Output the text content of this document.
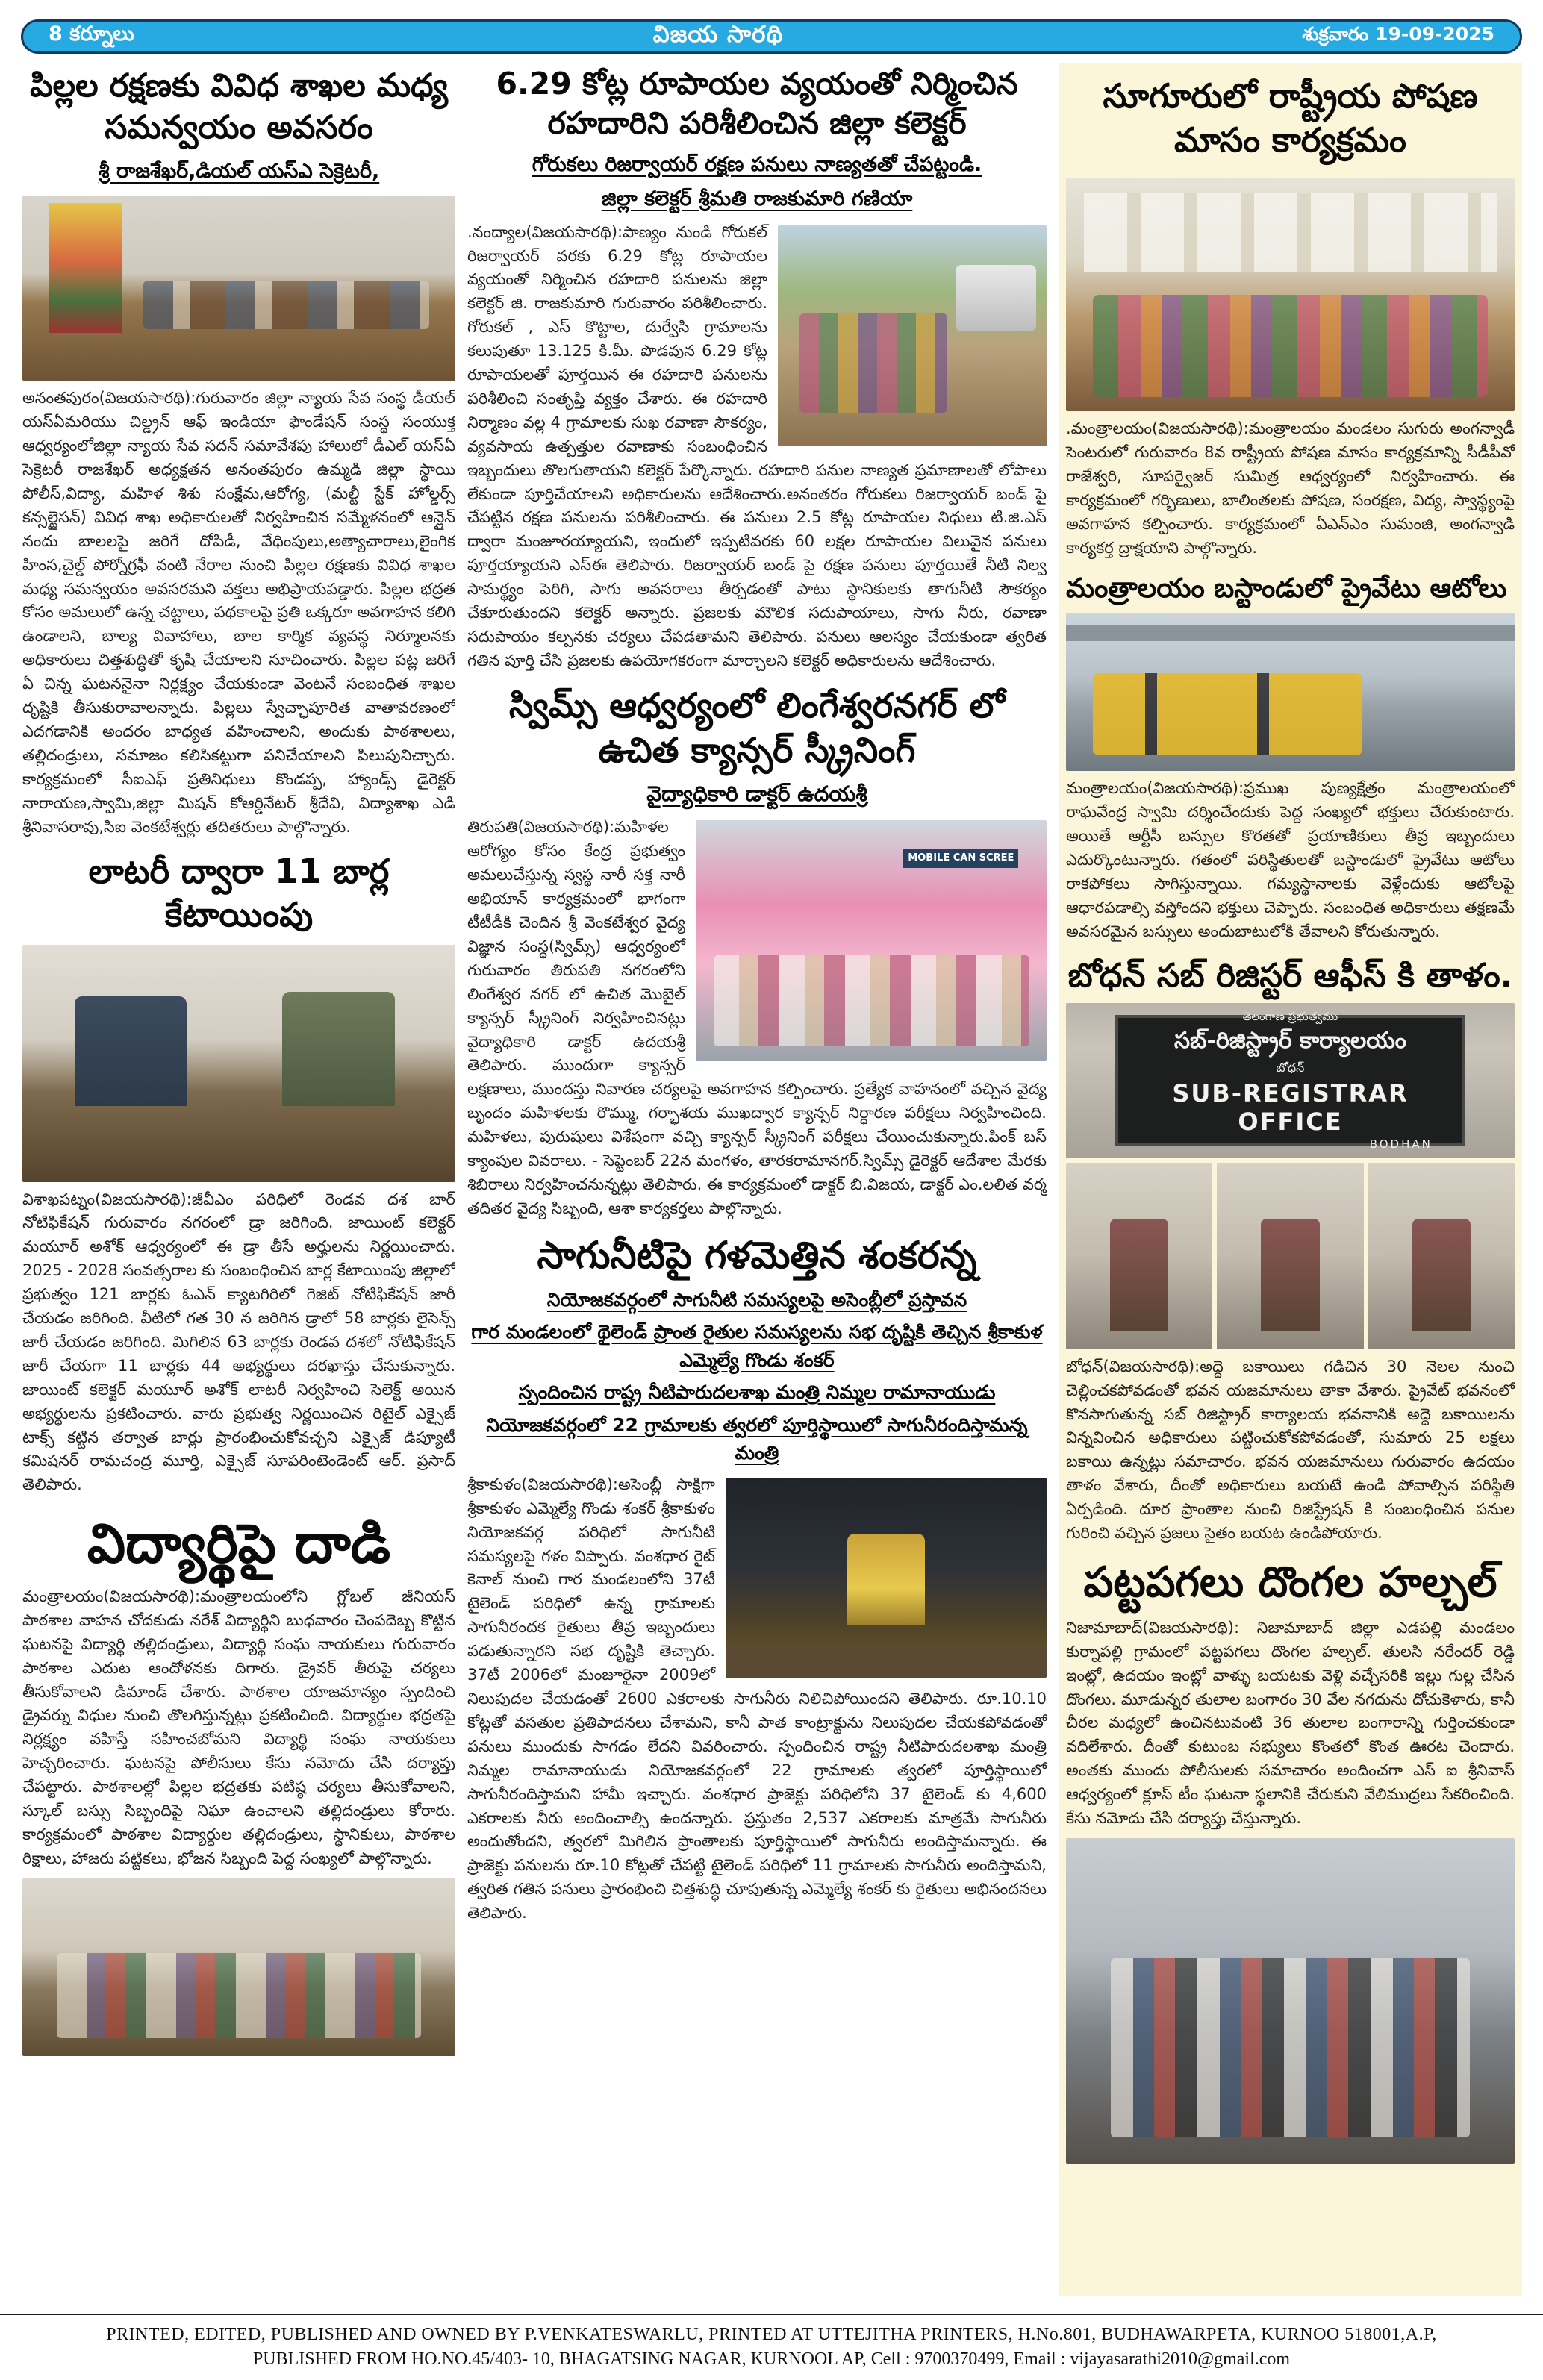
8 కర్నూలు	విజయ సారథి	శుక్రవారం 19-09-2025
పిల్లల రక్షణకు వివిధ శాఖల మధ్య సమన్వయం అవసరం
శ్రీ రాజశేఖర్,డియల్ యస్ఎ సెక్రెటరీ,
అనంతపురం(విజయసారథి):గురువారం జిల్లా న్యాయ సేవ సంస్థ డీయల్ యస్ఏమరియు చిల్డ్రన్ ఆఫ్ ఇండియా ఫౌండేషన్ సంస్థ సంయుక్త ఆధ్వర్యంలోజిల్లా న్యాయ సేవ సదన్ సమావేశపు హాలులో డీఎల్ యస్ఏ సెక్రెటరీ రాజశేఖర్ అధ్యక్షతన అనంతపురం ఉమ్మడి జిల్లా స్థాయి పోలీస్,విద్యా, మహిళ శిశు సంక్షేమ,ఆరోగ్య, (మల్టీ స్టేక్ హోల్డర్స్ కన్సల్టైసన్) వివిధ శాఖ అధికారులతో నిర్వహించిన సమ్మేళనంలో ఆన్లైన్ నందు బాలలపై జరిగే దోపిడీ, వేధింపులు,అత్యాచారాలు,లైంగిక హింస,చైల్డ్ పోర్నోగ్రఫీ వంటి నేరాల నుంచి పిల్లల రక్షణకు వివిధ శాఖల మధ్య సమన్వయం అవసరమని వక్తలు అభిప్రాయపడ్డారు. పిల్లల భద్రత కోసం అమలులో ఉన్న చట్టాలు, పథకాలపై ప్రతి ఒక్కరూ అవగాహన కలిగి ఉండాలని, బాల్య వివాహాలు, బాల కార్మిక వ్యవస్థ నిర్మూలనకు అధికారులు చిత్తశుద్ధితో కృషి చేయాలని సూచించారు. పిల్లల పట్ల జరిగే ఏ చిన్న ఘటననైనా నిర్లక్ష్యం చేయకుండా వెంటనే సంబంధిత శాఖల దృష్టికి తీసుకురావాలన్నారు. పిల్లలు స్వేచ్ఛాపూరిత వాతావరణంలో ఎదగడానికి అందరం బాధ్యత వహించాలని, అందుకు పాఠశాలలు, తల్లిదండ్రులు, సమాజం కలిసికట్టుగా పనిచేయాలని పిలుపునిచ్చారు. కార్యక్రమంలో సీఐఎఫ్ ప్రతినిధులు కొండప్ప, హ్యాండ్స్ డైరెక్టర్ నారాయణ,స్వామి,జిల్లా మిషన్ కోఆర్డినేటర్ శ్రీదేవి, విద్యాశాఖ ఎడి శ్రీనివాసరావు,సిఐ వెంకటేశ్వర్లు తదితరులు పాల్గొన్నారు.
లాటరీ ద్వారా 11 బార్ల కేటాయింపు
విశాఖపట్నం(విజయసారథి):జీవీఎం పరిధిలో రెండవ దశ బార్ నోటిఫికేషన్ గురువారం నగరంలో డ్రా జరిగింది. జాయింట్ కలెక్టర్ మయూర్ అశోక్ ఆధ్వర్యంలో ఈ డ్రా తీసే అర్హులను నిర్ణయించారు. 2025 - 2028 సంవత్సరాల కు సంబంధించిన బార్ల కేటాయింపు జిల్లాలో ప్రభుత్వం 121 బార్లకు ఓఎన్ క్యాటగిరిలో గెజిట్ నోటిఫికేషన్ జారీ చేయడం జరిగింది. వీటిలో గత 30 న జరిగిన డ్రాలో 58 బార్లకు లైసెన్స్ జారీ చేయడం జరిగింది. మిగిలిన 63 బార్లకు రెండవ దశలో నోటిఫికేషన్ జారీ చేయగా 11 బార్లకు 44 అభ్యర్థులు దరఖాస్తు చేసుకున్నారు. జాయింట్ కలెక్టర్ మయూర్ అశోక్ లాటరీ నిర్వహించి సెలెక్ట్ అయిన అభ్యర్థులను ప్రకటించారు. వారు ప్రభుత్వ నిర్ణయించిన రిటైల్ ఎక్సైజ్ టాక్స్ కట్టిన తర్వాత బార్లు ప్రారంభించుకోవచ్చని ఎక్సైజ్ డిప్యూటీ కమిషనర్ రామచంద్ర మూర్తి, ఎక్సైజ్ సూపరింటెండెంట్ ఆర్. ప్రసాద్ తెలిపారు.
విద్యార్థిపై దాడి
మంత్రాలయం(విజయసారథి):మంత్రాలయంలోని గ్లోబల్ జీనియస్ పాఠశాల వాహన చోదకుడు నరేశ్ విద్యార్థిని బుధవారం చెంపదెబ్బ కొట్టిన ఘటనపై విద్యార్థి తల్లిదండ్రులు, విద్యార్థి సంఘ నాయకులు గురువారం పాఠశాల ఎదుట ఆందోళనకు దిగారు. డ్రైవర్ తీరుపై చర్యలు తీసుకోవాలని డిమాండ్ చేశారు. పాఠశాల యాజమాన్యం స్పందించి డ్రైవర్ను విధుల నుంచి తొలగిస్తున్నట్లు ప్రకటించింది. విద్యార్థుల భద్రతపై నిర్లక్ష్యం వహిస్తే సహించబోమని విద్యార్థి సంఘ నాయకులు హెచ్చరించారు. ఘటనపై పోలీసులు కేసు నమోదు చేసి దర్యాప్తు చేపట్టారు. పాఠశాలల్లో పిల్లల భద్రతకు పటిష్ఠ చర్యలు తీసుకోవాలని, స్కూల్ బస్సు సిబ్బందిపై నిఘా ఉంచాలని తల్లిదండ్రులు కోరారు. కార్యక్రమంలో పాఠశాల విద్యార్థుల తల్లిదండ్రులు, స్థానికులు, పాఠశాల రిక్షాలు, హాజరు పట్టికలు, భోజన సిబ్బంది పెద్ద సంఖ్యలో పాల్గొన్నారు.
6.29 కోట్ల రూపాయల వ్యయంతో నిర్మించిన రహదారిని పరిశీలించిన జిల్లా కలెక్టర్
గోరుకలు రిజర్వాయర్ రక్షణ పనులు నాణ్యతతో చేపట్టండి.
జిల్లా కలెక్టర్ శ్రీమతి రాజకుమారి గణియా
.నంద్యాల(విజయసారథి):పాణ్యం నుండి గోరుకల్ రిజర్వాయర్ వరకు 6.29 కోట్ల రూపాయల వ్యయంతో నిర్మించిన రహదారి పనులను జిల్లా కలెక్టర్ జి. రాజకుమారి గురువారం పరిశీలించారు. గోరుకల్ , ఎస్ కొట్టాల, దుర్వేసి గ్రామాలను కలుపుతూ 13.125 కి.మీ. పొడవున 6.29 కోట్ల రూపాయలతో పూర్తయిన ఈ రహదారి పనులను పరిశీలించి సంతృప్తి వ్యక్తం చేశారు. ఈ రహదారి నిర్మాణం వల్ల 4 గ్రామాలకు సుఖ రవాణా సౌకర్యం, వ్యవసాయ ఉత్పత్తుల రవాణాకు సంబంధించిన ఇబ్బందులు తొలగుతాయని కలెక్టర్ పేర్కొన్నారు. రహదారి పనుల నాణ్యత ప్రమాణాలతో లోపాలు లేకుండా పూర్తిచేయాలని అధికారులను ఆదేశించారు.అనంతరం గోరుకలు రిజర్వాయర్ బండ్ పై చేపట్టిన రక్షణ పనులను పరిశీలించారు. ఈ పనులు 2.5 కోట్ల రూపాయల నిధులు టి.జి.ఎస్ ద్వారా మంజూరయ్యాయని, ఇందులో ఇప్పటివరకు 60 లక్షల రూపాయల విలువైన పనులు పూర్తయ్యాయని ఎస్ఈ తెలిపారు. రిజర్వాయర్ బండ్ పై రక్షణ పనులు పూర్తయితే నీటి నిల్వ సామర్థ్యం పెరిగి, సాగు అవసరాలు తీర్చడంతో పాటు స్థానికులకు తాగునీటి సౌకర్యం చేకూరుతుందని కలెక్టర్ అన్నారు. ప్రజలకు మౌలిక సదుపాయాలు, సాగు నీరు, రవాణా సదుపాయం కల్పనకు చర్యలు చేపడతామని తెలిపారు. పనులు ఆలస్యం చేయకుండా త్వరిత గతిన పూర్తి చేసి ప్రజలకు ఉపయోగకరంగా మార్చాలని కలెక్టర్ అధికారులను ఆదేశించారు.
స్విమ్స్ ఆధ్వర్యంలో లింగేశ్వరనగర్ లో ఉచిత క్యాన్సర్ స్క్రీనింగ్
వైద్యాధికారి డాక్టర్ ఉదయశ్రీ
MOBILE CAN SCREE
తిరుపతి(విజయసారథి):మహిళల ఆరోగ్యం కోసం కేంద్ర ప్రభుత్వం అమలుచేస్తున్న స్వస్థ నారీ సక్త నారీ అభియాన్ కార్యక్రమంలో భాగంగా టీటీడీకి చెందిన శ్రీ వెంకటేశ్వర వైద్య విజ్ఞాన సంస్థ(స్విమ్స్) ఆధ్వర్యంలో గురువారం తిరుపతి నగరంలోని లింగేశ్వర నగర్ లో ఉచిత మొబైల్ క్యాన్సర్ స్క్రీనింగ్ నిర్వహించినట్లు వైద్యాధికారి డాక్టర్ ఉదయశ్రీ తెలిపారు. ముందుగా క్యాన్సర్ లక్షణాలు, ముందస్తు నివారణ చర్యలపై అవగాహన కల్పించారు. ప్రత్యేక వాహనంలో వచ్చిన వైద్య బృందం మహిళలకు రొమ్ము, గర్భాశయ ముఖద్వార క్యాన్సర్ నిర్ధారణ పరీక్షలు నిర్వహించింది. మహిళలు, పురుషులు విశేషంగా వచ్చి క్యాన్సర్ స్క్రీనింగ్ పరీక్షలు చేయించుకున్నారు.పింక్ బస్ క్యాంపుల వివరాలు. - సెప్టెంబర్ 22న మంగళం, తారకరామానగర్.స్విమ్స్ డైరెక్టర్ ఆదేశాల మేరకు శిబిరాలు నిర్వహించనున్నట్లు తెలిపారు. ఈ కార్యక్రమంలో డాక్టర్ బి.విజయ, డాక్టర్ ఎం.లలిత వర్మ తదితర వైద్య సిబ్బంది, ఆశా కార్యకర్తలు పాల్గొన్నారు.
సాగునీటిపై గళమెత్తిన శంకరన్న
నియోజకవర్గంలో సాగునీటి సమస్యలపై అసెంబ్లీలో ప్రస్తావన
గార మండలంలో థైలెండ్ ప్రాంత రైతుల సమస్యలను సభ దృష్టికి తెచ్చిన శ్రీకాకుళ ఎమ్మెల్యే గొండు శంకర్
స్పందించిన రాష్ట్ర నీటిపారుదలశాఖ మంత్రి నిమ్మల రామానాయుడు
నియోజకవర్గంలో 22 గ్రామాలకు త్వరలో పూర్తిస్థాయిలో సాగునీరందిస్తామన్న మంత్రి
శ్రీకాకుళం(విజయసారథి):అసెంబ్లీ సాక్షిగా శ్రీకాకుళం ఎమ్మెల్యే గొండు శంకర్ శ్రీకాకుళం నియోజకవర్గ పరిధిలో సాగునీటి సమస్యలపై గళం విప్పారు. వంశధార రైట్ కెనాల్ నుంచి గార మండలంలోని 37టీ టైలెండ్ పరిధిలో ఉన్న గ్రామాలకు సాగునీరందక రైతులు తీవ్ర ఇబ్బందులు పడుతున్నారని సభ దృష్టికి తెచ్చారు. 37టీ 2006లో మంజూరైనా 2009లో నిలుపుదల చేయడంతో 2600 ఎకరాలకు సాగునీరు నిలిచిపోయిందని తెలిపారు. రూ.10.10 కోట్లతో వసతుల ప్రతిపాదనలు చేశామని, కానీ పాత కాంట్రాక్టును నిలుపుదల చేయకపోవడంతో పనులు ముందుకు సాగడం లేదని వివరించారు. స్పందించిన రాష్ట్ర నీటిపారుదలశాఖ మంత్రి నిమ్మల రామానాయుడు నియోజకవర్గంలో 22 గ్రామాలకు త్వరలో పూర్తిస్థాయిలో సాగునీరందిస్తామని హామీ ఇచ్చారు. వంశధార ప్రాజెక్టు పరిధిలోని 37 టైలెండ్ కు 4,600 ఎకరాలకు నీరు అందించాల్సి ఉందన్నారు. ప్రస్తుతం 2,537 ఎకరాలకు మాత్రమే సాగునీరు అందుతోందని, త్వరలో మిగిలిన ప్రాంతాలకు పూర్తిస్థాయిలో సాగునీరు అందిస్తామన్నారు. ఈ ప్రాజెక్టు పనులను రూ.10 కోట్లతో చేపట్టి టైలెండ్ పరిధిలో 11 గ్రామాలకు సాగునీరు అందిస్తామని, త్వరిత గతిన పనులు ప్రారంభించి చిత్తశుద్ధి చూపుతున్న ఎమ్మెల్యే శంకర్ కు రైతులు అభినందనలు తెలిపారు.
సూగూరులో రాష్ట్రీయ పోషణ మాసం కార్యక్రమం
.మంత్రాలయం(విజయసారథి):మంత్రాలయం మండలం సుగురు అంగన్వాడీ సెంటరులో గురువారం 8వ రాష్ట్రీయ పోషణ మాసం కార్యక్రమాన్ని సీడీపీవో రాజేశ్వరి, సూపర్వైజర్ సుమిత్ర ఆధ్వర్యంలో నిర్వహించారు. ఈ కార్యక్రమంలో గర్భిణులు, బాలింతలకు పోషణ, సంరక్షణ, విద్య, స్వాస్థ్యంపై అవగాహన కల్పించారు. కార్యక్రమంలో ఏఎన్ఎం సుమంజి, అంగన్వాడి కార్యకర్త ద్రాక్షయాని పాల్గొన్నారు.
మంత్రాలయం బస్టాండులో ప్రైవేటు ఆటోలు
మంత్రాలయం(విజయసారథి):ప్రముఖ పుణ్యక్షేత్రం మంత్రాలయంలో రాఘవేంద్ర స్వామి దర్శించేందుకు పెద్ద సంఖ్యలో భక్తులు చేరుకుంటారు. అయితే ఆర్టీసీ బస్సుల కొరతతో ప్రయాణికులు తీవ్ర ఇబ్బందులు ఎదుర్కొంటున్నారు. గతంలో పరిస్థితులతో బస్టాండులో ప్రైవేటు ఆటోలు రాకపోకలు సాగిస్తున్నాయి. గమ్యస్థానాలకు వెళ్లేందుకు ఆటోలపై ఆధారపడాల్సి వస్తోందని భక్తులు చెప్పారు. సంబంధిత అధికారులు తక్షణమే అవసరమైన బస్సులు అందుబాటులోకి తేవాలని కోరుతున్నారు.
బోధన్ సబ్ రిజిస్టర్ ఆఫీస్ కి తాళం.
తెలంగాణ ప్రభుత్వము
సబ్-రిజిస్ట్రార్ కార్యాలయం
బోధన్
SUB-REGISTRAR OFFICE
BODHAN
బోధన్(విజయసారథి):అద్దె బకాయిలు గడిచిన 30 నెలల నుంచి చెల్లించకపోవడంతో భవన యజమానులు తాకా వేశారు. ప్రైవేట్ భవనంలో కొనసాగుతున్న సబ్ రిజిస్ట్రార్ కార్యాలయ భవనానికి అద్దె బకాయిలను విన్నవించిన అధికారులు పట్టించుకోకపోవడంతో, సుమారు 25 లక్షలు బకాయి ఉన్నట్లు సమాచారం. భవన యజమానులు గురువారం ఉదయం తాళం వేశారు, దీంతో అధికారులు బయటే ఉండి పోవాల్సిన పరిస్థితి ఏర్పడింది. దూర ప్రాంతాల నుంచి రిజిస్ట్రేషన్ కి సంబంధించిన పనుల గురించి వచ్చిన ప్రజలు సైతం బయట ఉండిపోయారు.
పట్టపగలు దొంగల హల్చల్
నిజామాబాద్(విజయసారథి): నిజామాబాద్ జిల్లా ఎడపల్లి మండలం కుర్నాపల్లి గ్రామంలో పట్టపగలు దొంగల హల్చల్. తులసి నరేందర్ రెడ్డి ఇంట్లో, ఉదయం ఇంట్లో వాళ్ళు బయటకు వెళ్లి వచ్చేసరికి ఇల్లు గుల్ల చేసిన దొంగలు. మూడున్నర తులాల బంగారం 30 వేల నగదును దోచుకెళారు, కానీ చీరల మధ్యలో ఉంచినటువంటి 36 తులాల బంగారాన్ని గుర్తించకుండా వదిలేశారు. దీంతో కుటుంబ సభ్యులు కొంతలో కొంత ఊరట చెందారు. అంతకు ముందు పోలీసులకు సమాచారం అందించగా ఎస్ ఐ శ్రీనివాస్ ఆధ్వర్యంలో క్లూస్ టీం ఘటనా స్థలానికి చేరుకుని వేలిముద్రలు సేకరించింది. కేసు నమోదు చేసి దర్యాప్తు చేస్తున్నారు.
PRINTED, EDITED, PUBLISHED AND OWNED BY P.VENKATESWARLU, PRINTED AT UTTEJITHA PRINTERS, H.No.801, BUDHAWARPETA, KURNOO 518001,A.P,
PUBLISHED FROM HO.NO.45/403- 10, BHAGATSING NAGAR, KURNOOL AP, Cell : 9700370499, Email : vijayasarathi2010@gmail.com
